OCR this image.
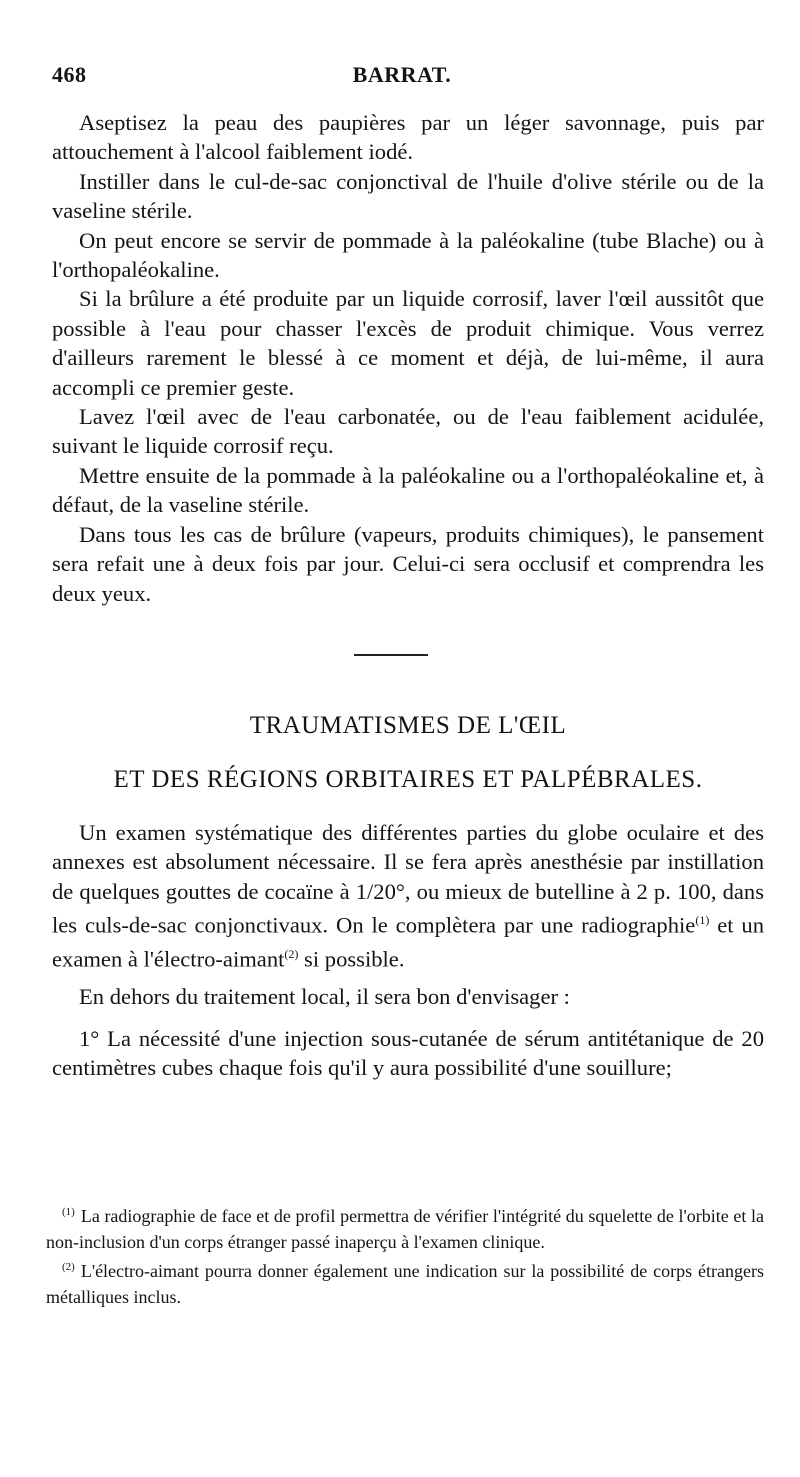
468	BARRAT.

Aseptisez la peau des paupières par un léger savonnage, puis par attouchement à l'alcool faiblement iodé.

Instiller dans le cul-de-sac conjonctival de l'huile d'olive stérile ou de la vaseline stérile.

On peut encore se servir de pommade à la paléokaline (tube Blache) ou à l'orthopaléokaline.

Si la brûlure a été produite par un liquide corrosif, laver l'œil aussitôt que possible à l'eau pour chasser l'excès de produit chimique. Vous verrez d'ailleurs rarement le blessé à ce moment et déjà, de lui-même, il aura accompli ce premier geste.

Lavez l'œil avec de l'eau carbonatée, ou de l'eau faiblement acidulée, suivant le liquide corrosif reçu.

Mettre ensuite de la pommade à la paléokaline ou a l'orthopaléokaline et, à défaut, de la vaseline stérile.

Dans tous les cas de brûlure (vapeurs, produits chimiques), le pansement sera refait une à deux fois par jour. Celui-ci sera occlusif et comprendra les deux yeux.

TRAUMATISMES DE L'ŒIL
ET DES RÉGIONS ORBITAIRES ET PALPÉBRALES.

Un examen systématique des différentes parties du globe oculaire et des annexes est absolument nécessaire. Il se fera après anesthésie par instillation de quelques gouttes de cocaïne à 1/20°, ou mieux de butelline à 2 p. 100, dans les culs-de-sac conjonctivaux. On le complètera par une radiographie$^{(1)}$ et un examen à l'électro-aimant$^{(2)}$ si possible.

En dehors du traitement local, il sera bon d'envisager :

1° La nécessité d'une injection sous-cutanée de sérum antitétanique de 20 centimètres cubes chaque fois qu'il y aura possibilité d'une souillure;

(1) La radiographie de face et de profil permettra de vérifier l'intégrité du squelette de l'orbite et la non-inclusion d'un corps étranger passé inaperçu à l'examen clinique.

(2) L'électro-aimant pourra donner également une indication sur la possibilité de corps étrangers métalliques inclus.
